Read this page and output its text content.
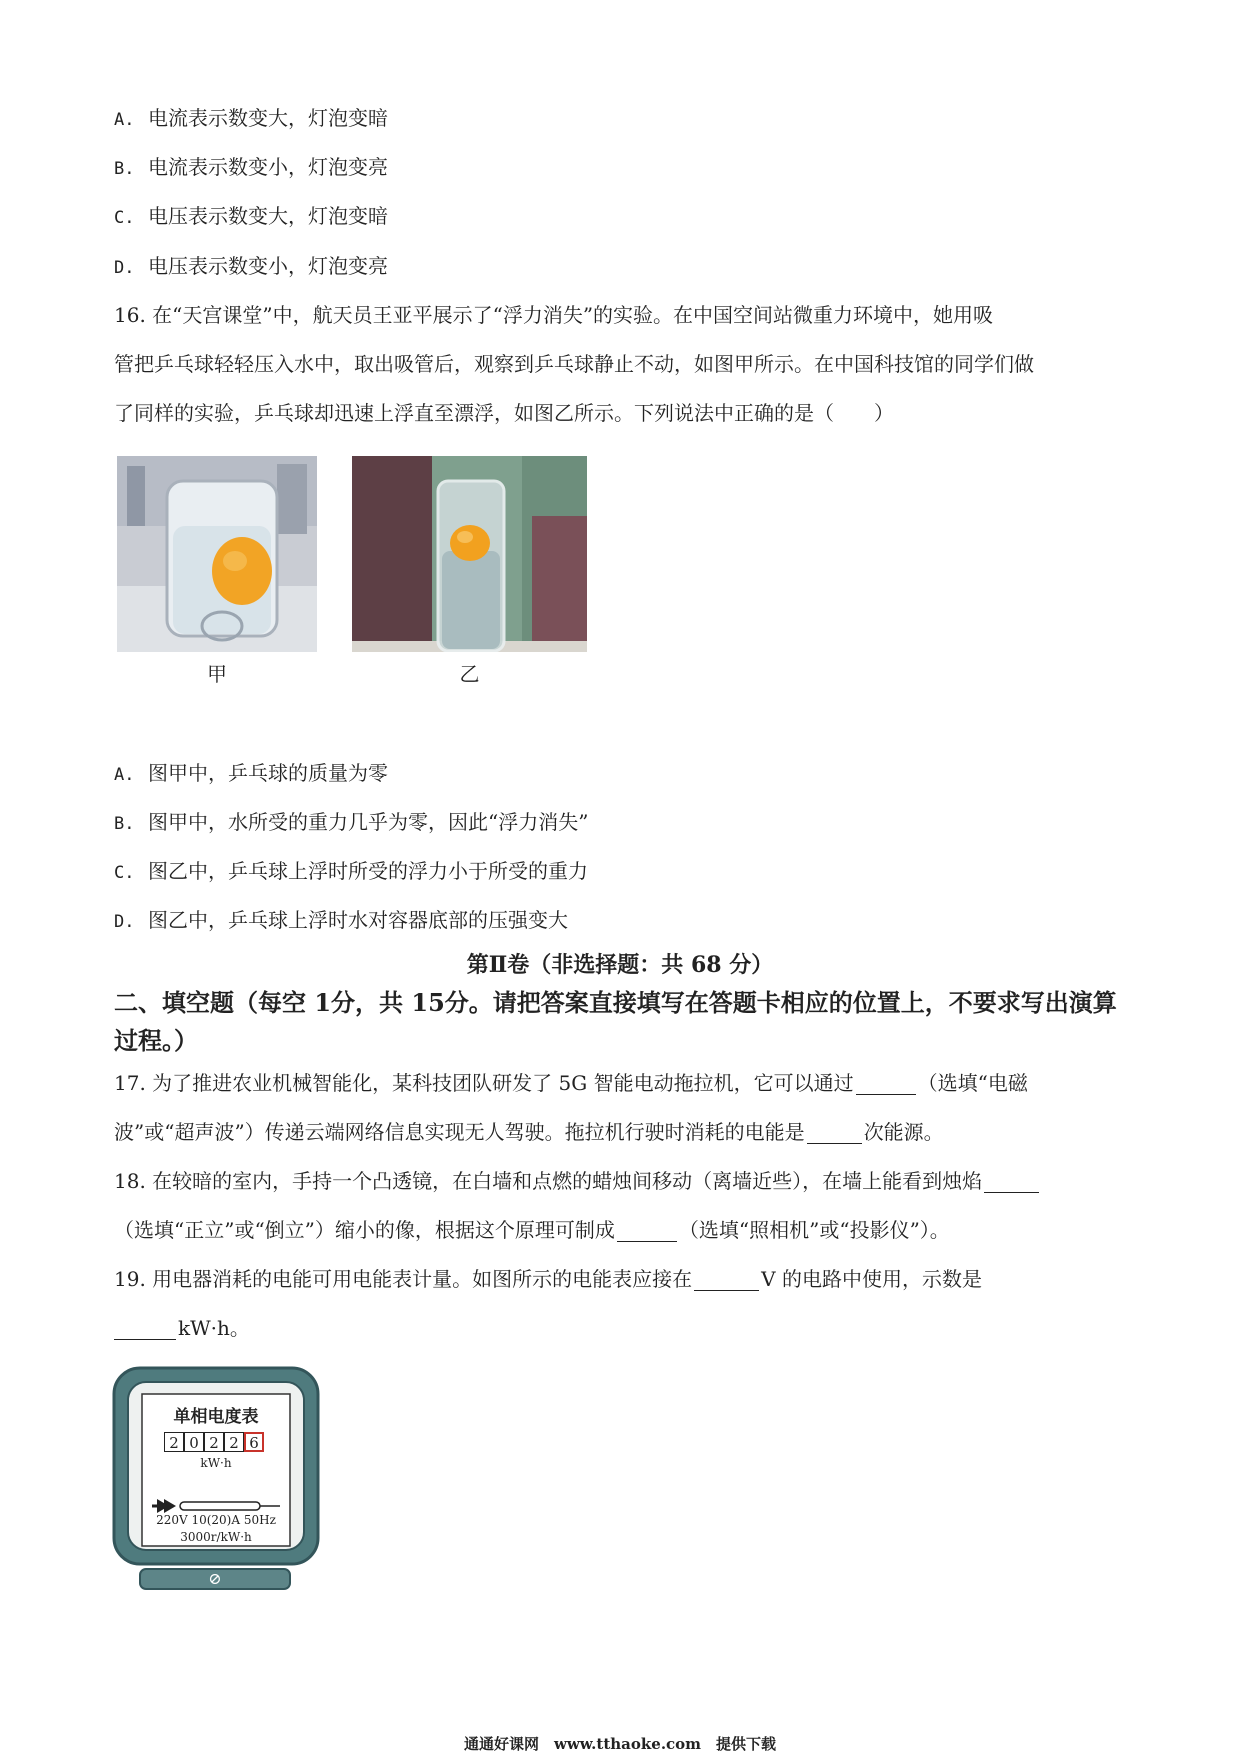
A. 电流表示数变大，灯泡变暗
B. 电流表示数变小，灯泡变亮
C. 电压表示数变大，灯泡变暗
D. 电压表示数变小，灯泡变亮
16. 在“天宫课堂”中，航天员王亚平展示了“浮力消失”的实验。在中国空间站微重力环境中，她用吸
管把乒乓球轻轻压入水中，取出吸管后，观察到乒乓球静止不动，如图甲所示。在中国科技馆的同学们做
了同样的实验，乒乓球却迅速上浮直至漂浮，如图乙所示。下列说法中正确的是（　　）
甲	乙
A. 图甲中，乒乓球的质量为零
B. 图甲中，水所受的重力几乎为零，因此“浮力消失”
C. 图乙中，乒乓球上浮时所受的浮力小于所受的重力
D. 图乙中，乒乓球上浮时水对容器底部的压强变大
第Ⅱ卷（非选择题：共 68 分）
二、填空题（每空 1分，共 15分。请把答案直接填写在答题卡相应的位置上，不要求写出演算过程。）
17. 为了推进农业机械智能化，某科技团队研发了 5G 智能电动拖拉机，它可以通过	（选填“电磁
波”或“超声波”）传递云端网络信息实现无人驾驶。拖拉机行驶时消耗的电能是	次能源。
18. 在较暗的室内，手持一个凸透镜，在白墙和点燃的蜡烛间移动（离墙近些），在墙上能看到烛焰
（选填“正立”或“倒立”）缩小的像，根据这个原理可制成	（选填“照相机”或“投影仪”）。
19. 用电器消耗的电能可用电能表计量。如图所示的电能表应接在	V 的电路中使用，示数是
kW·h。
单相电度表
2 0 2 2 6
kW·h
220V 10(20)A 50Hz
3000r/kW·h
⊘
通通好课网　www.tthaoke.com　提供下载
